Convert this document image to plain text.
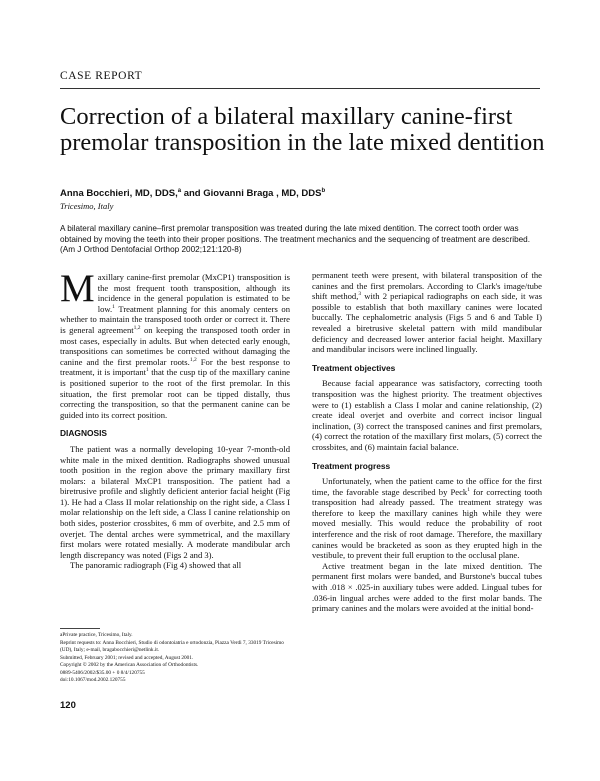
CASE REPORT
Correction of a bilateral maxillary canine-first premolar transposition in the late mixed dentition
Anna Bocchieri, MD, DDS,$^a$ and Giovanni Braga , MD, DDS$^b$
Tricesimo, Italy

A bilateral maxillary canine–first premolar transposition was treated during the late mixed dentition. The correct tooth order was obtained by moving the teeth into their proper positions. The treatment mechanics and the sequencing of treatment are described. (Am J Orthod Dentofacial Orthop 2002;121:120-8)

Maxillary canine-first premolar (MxCP1) transposition is the most frequent tooth transposition, although its incidence in the general population is estimated to be low.$^1$ Treatment planning for this anomaly centers on whether to maintain the transposed tooth order or correct it. There is general agreement$^{1,2}$ on keeping the transposed tooth order in most cases, especially in adults. But when detected early enough, transpositions can sometimes be corrected without damaging the canine and the first premolar roots.$^{1,2}$ For the best response to treatment, it is important$^1$ that the cusp tip of the maxillary canine is positioned superior to the root of the first premolar. In this situation, the first premolar root can be tipped distally, thus correcting the transposition, so that the permanent canine can be guided into its correct position.

DIAGNOSIS

The patient was a normally developing 10-year 7-month-old white male in the mixed dentition. Radiographs showed unusual tooth position in the region above the primary maxillary first molars: a bilateral MxCP1 transposition. The patient had a biretrusive profile and slightly deficient anterior facial height (Fig 1). He had a Class II molar relationship on the right side, a Class I molar relationship on the left side, a Class I canine relationship on both sides, posterior crossbites, 6 mm of overbite, and 2.5 mm of overjet. The dental arches were symmetrical, and the maxillary first molars were rotated mesially. A moderate mandibular arch length discrepancy was noted (Figs 2 and 3).

The panoramic radiograph (Fig 4) showed that all

permanent teeth were present, with bilateral transposition of the canines and the first premolars. According to Clark's image/tube shift method,$^3$ with 2 periapical radiographs on each side, it was possible to establish that both maxillary canines were located buccally. The cephalometric analysis (Figs 5 and 6 and Table I) revealed a biretrusive skeletal pattern with mild mandibular deficiency and decreased lower anterior facial height. Maxillary and mandibular incisors were inclined lingually.

Treatment objectives

Because facial appearance was satisfactory, correcting tooth transposition was the highest priority. The treatment objectives were to (1) establish a Class I molar and canine relationship, (2) create ideal overjet and overbite and correct incisor lingual inclination, (3) correct the transposed canines and first premolars, (4) correct the rotation of the maxillary first molars, (5) correct the crossbites, and (6) maintain facial balance.

Treatment progress

Unfortunately, when the patient came to the office for the first time, the favorable stage described by Peck$^1$ for correcting tooth transposition had already passed. The treatment strategy was therefore to keep the maxillary canines high while they were moved mesially. This would reduce the probability of root interference and the risk of root damage. Therefore, the maxillary canines would be bracketed as soon as they erupted high in the vestibule, to prevent their full eruption to the occlusal plane.

Active treatment began in the late mixed dentition. The permanent first molars were banded, and Burstone's buccal tubes with .018 × .025-in auxiliary tubes were added. Lingual tubes for .036-in lingual arches were added to the first molar bands. The primary canines and the molars were avoided at the initial bond-

aPrivate practice, Tricesimo, Italy.

Reprint requests to: Anna Bocchieri, Studio di odontoiatria e ortodonzia, Piazza Verdi 7, 33019 Tricesimo (UD), Italy; e-mail, bragabocchieri@netlink.it.

Submitted, February 2001; revised and accepted, August 2001.

Copyright © 2002 by the American Association of Orthodontists.

0889-5406/2002/$35.00 + 0 8/4/120755

doi:10.1067/mod.2002.120755

120
